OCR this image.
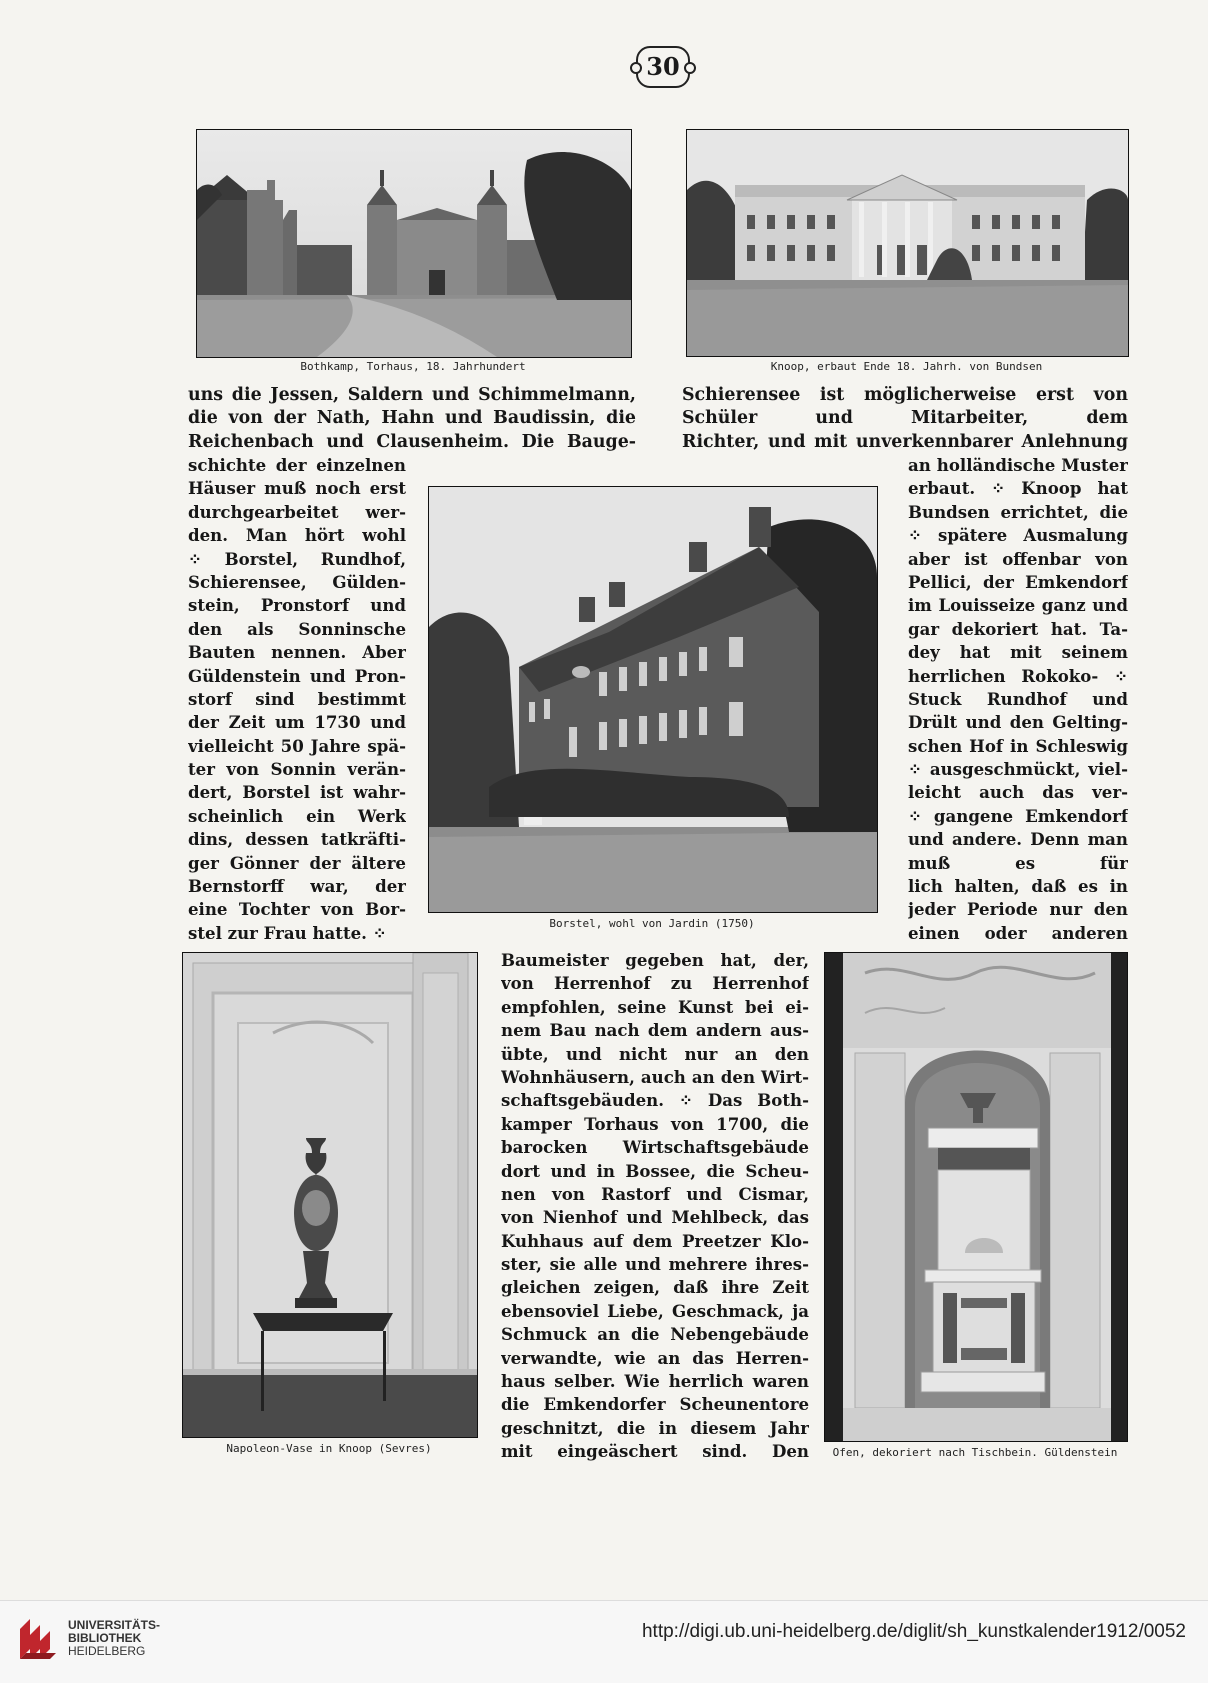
30
Bothkamp, Torhaus, 18. Jahrhundert	Knoop, erbaut Ende 18. Jahrh. von Bundsen
uns die Jessen, Saldern und Schimmelmann,
die von der Nath, Hahn und Baudissin, die
Reichenbach und Clausenheim. Die Bauge-
Schierensee ist möglicherweise erst von
Schüler und Mitarbeiter, dem
Richter, und mit unverkennbarer Anlehnung
schichte der einzelnen
Häuser muß noch erst
durchgearbeitet wer-
den. Man hört wohl
⁘ Borstel, Rundhof,
Schierensee, Gülden-
stein, Pronstorf und
den als Sonninsche
Bauten nennen. Aber
Güldenstein und Pron-
storf sind bestimmt
der Zeit um 1730 und
vielleicht 50 Jahre spä-
ter von Sonnin verän-
dert, Borstel ist wahr-
scheinlich ein Werk
dins, dessen tatkräfti-
ger Gönner der ältere
Bernstorff war, der
eine Tochter von Bor-
stel zur Frau hatte. ⁘	Borstel, wohl von Jardin (1750)
an holländische Muster
erbaut. ⁘ Knoop hat
Bundsen errichtet, die
⁘ spätere Ausmalung
aber ist offenbar von
Pellici, der Emkendorf
im Louisseize ganz und
gar dekoriert hat. Ta-
dey hat mit seinem
herrlichen Rokoko- ⁘
Stuck Rundhof und
Drült und den Gelting-
schen Hof in Schleswig
⁘ ausgeschmückt, viel-
leicht auch das ver-
⁘ gangene Emkendorf
und andere. Denn man
muß es für
lich halten, daß es in
jeder Periode nur den
einen oder anderen
Napoleon-Vase in Knoop (Sevres)
Baumeister gegeben hat, der,
von Herrenhof zu Herrenhof
empfohlen, seine Kunst bei ei-
nem Bau nach dem andern aus-
übte, und nicht nur an den
Wohnhäusern, auch an den Wirt-
schaftsgebäuden. ⁘ Das Both-
kamper Torhaus von 1700, die
barocken Wirtschaftsgebäude
dort und in Bossee, die Scheu-
nen von Rastorf und Cismar,
von Nienhof und Mehlbeck, das
Kuhhaus auf dem Preetzer Klo-
ster, sie alle und mehrere ihres-
gleichen zeigen, daß ihre Zeit
ebensoviel Liebe, Geschmack, ja
Schmuck an die Nebengebäude
verwandte, wie an das Herren-
haus selber. Wie herrlich waren
die Emkendorfer Scheunentore
geschnitzt, die in diesem Jahr
mit eingeäschert sind. Den	Ofen, dekoriert nach Tischbein. Güldenstein
UNIVERSITÄTS-
BIBLIOTHEK
HEIDELBERG
http://digi.ub.uni-heidelberg.de/diglit/sh_kunstkalender1912/0052
